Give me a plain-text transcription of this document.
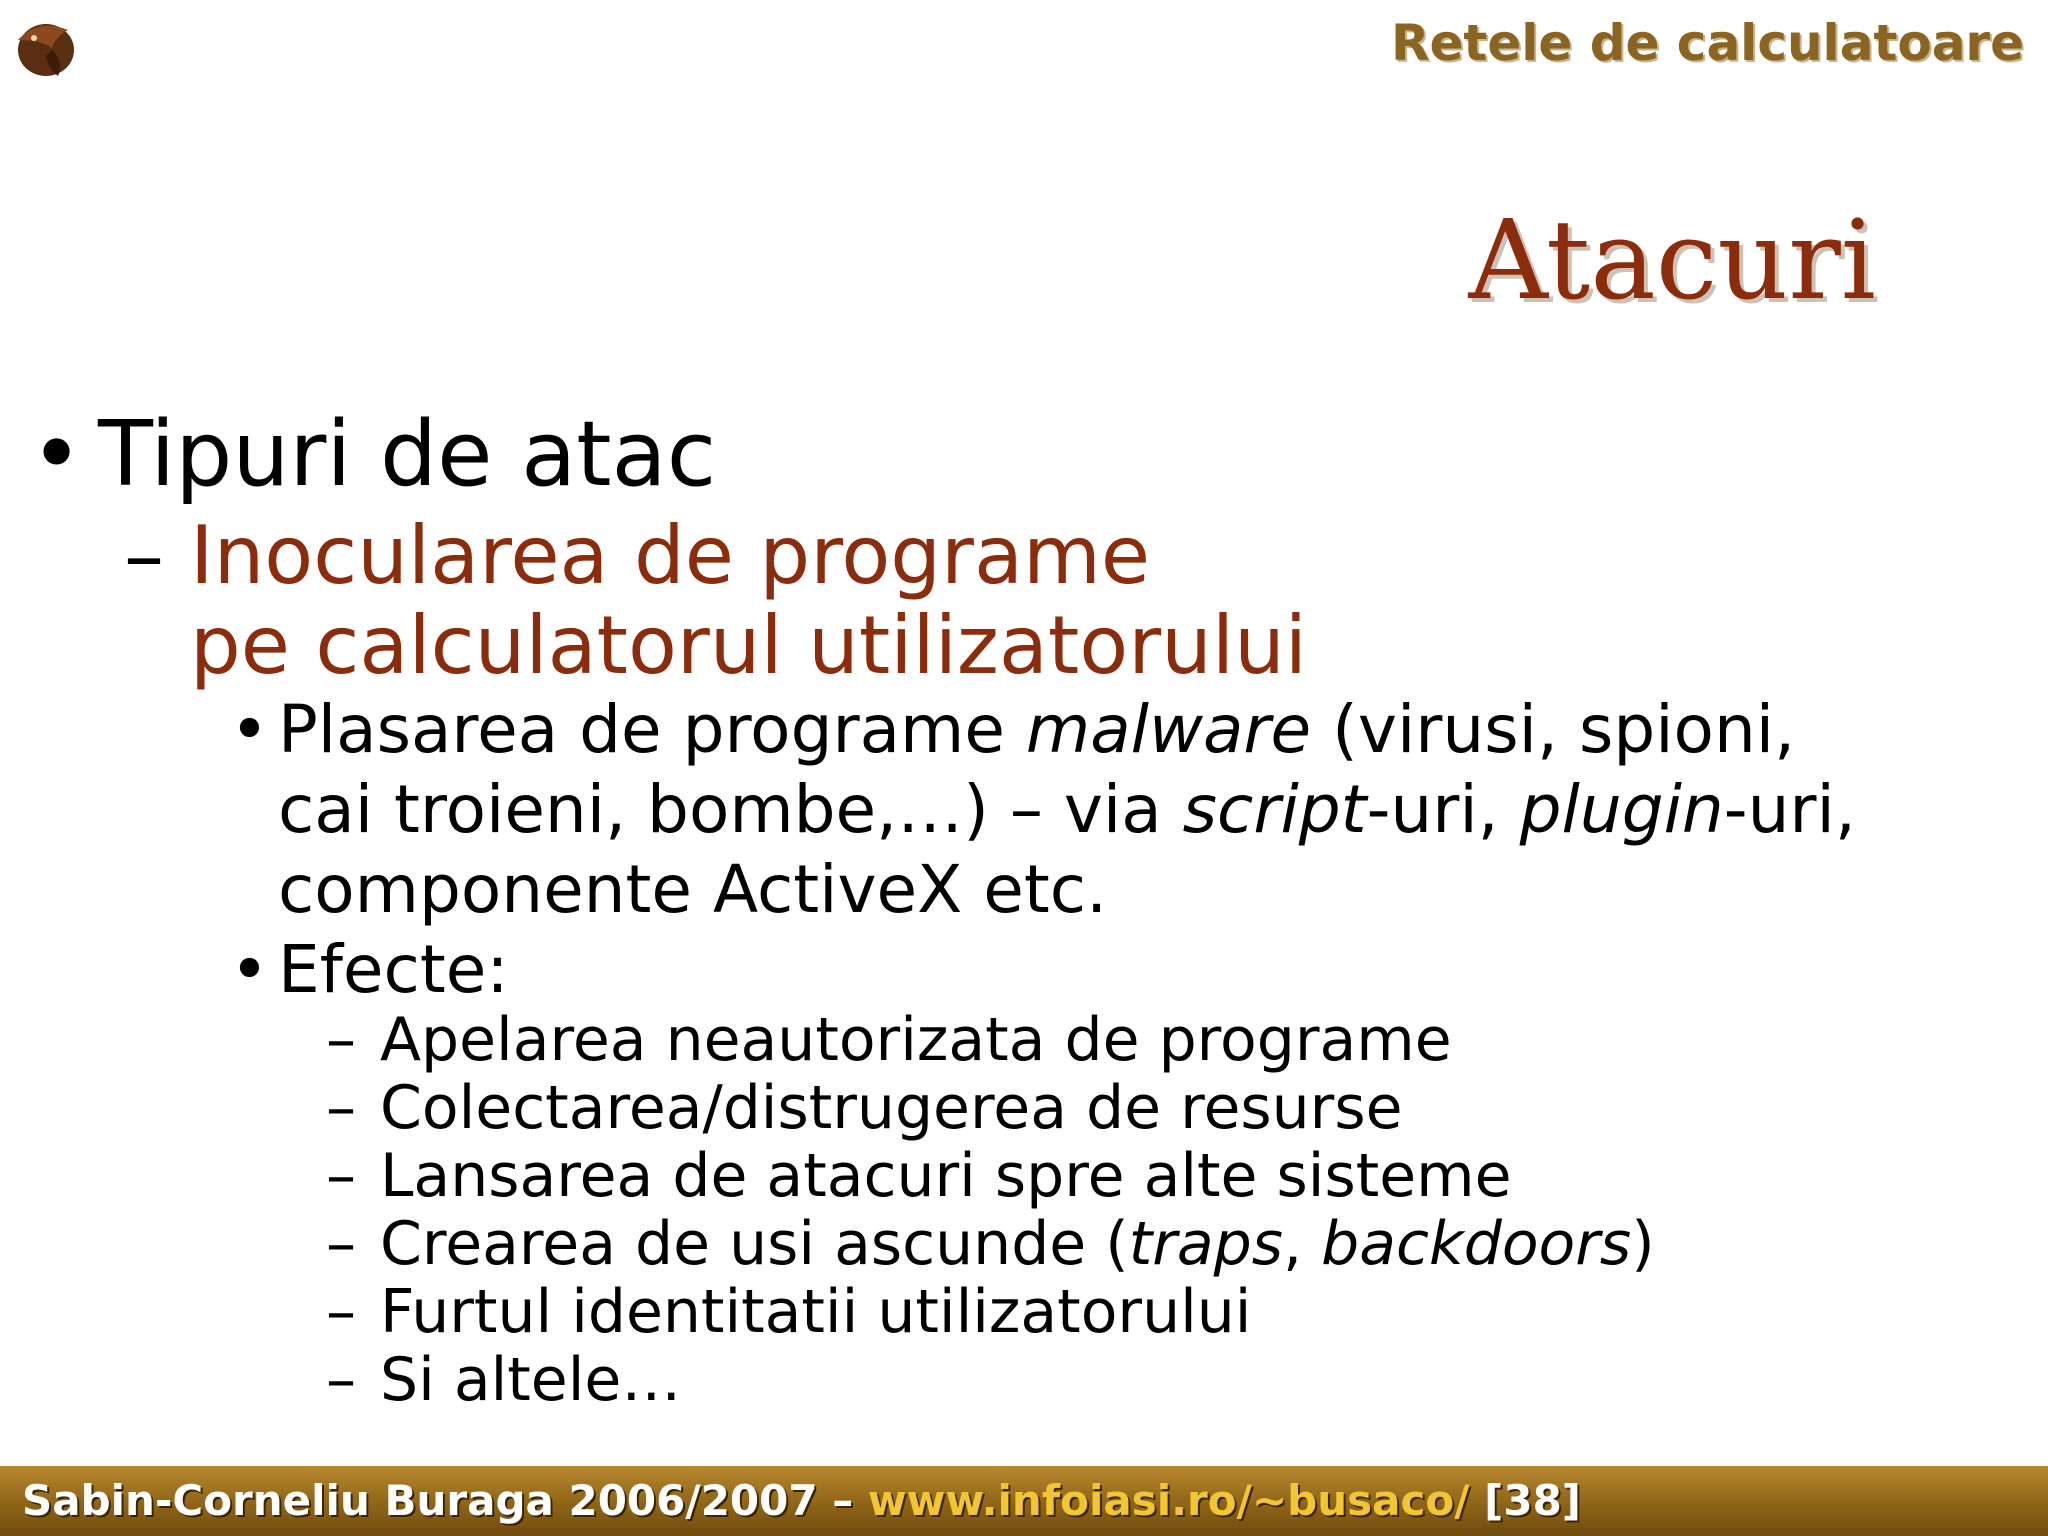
Retele de calculatoare
Atacuri
• Tipuri de atac
– Inocularea de programe
pe calculatorul utilizatorului
• Plasarea de programe malware (virusi, spioni,
cai troieni, bombe,…) – via script-uri, plugin-uri,
componente ActiveX etc.
• Efecte:
– Apelarea neautorizata de programe
– Colectarea/distrugerea de resurse
– Lansarea de atacuri spre alte sisteme
– Crearea de usi ascunde (traps, backdoors)
– Furtul identitatii utilizatorului
– Si altele…
Sabin-Corneliu Buraga 2006/2007 – www.infoiasi.ro/~busaco/ [38]
